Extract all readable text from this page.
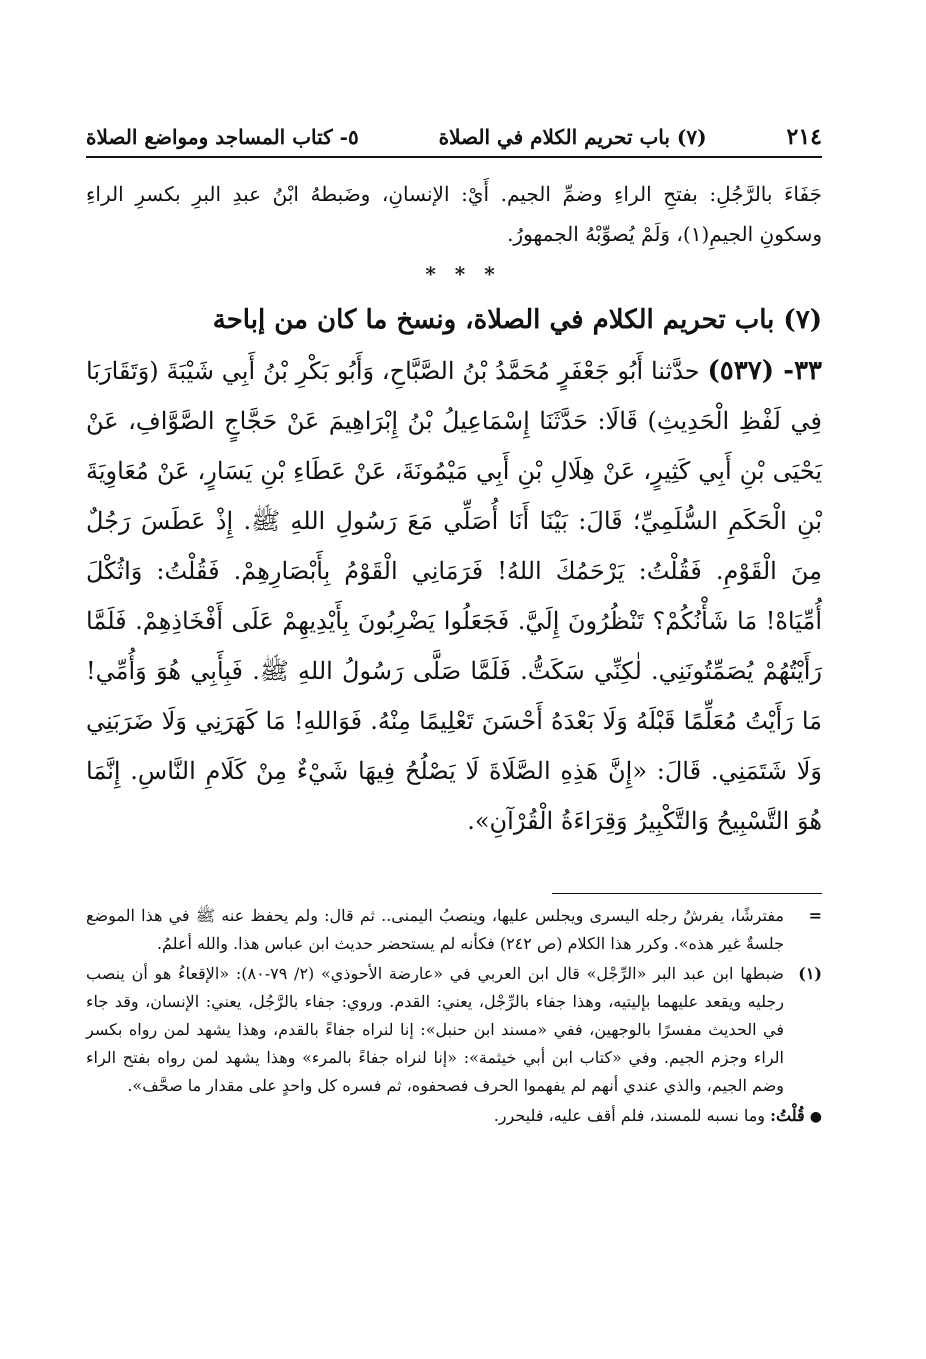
٢١٤
(٧) باب تحريم الكلام في الصلاة
٥- كتاب المساجد ومواضع الصلاة
جَفَاءَ بالرَّجُلِ: بفتحِ الراءِ وضمِّ الجيم. أَيْ: الإنسانِ، وضَبطهُ ابْنُ عبدِ البرِ بكسرِ الراءِ وسكونِ الجيمِ(١)، وَلَمْ يُصوِّبْهُ الجمهورُ.
* * *
(٧) باب تحريم الكلام في الصلاة، ونسخ ما كان من إباحة
٣٣- (٥٣٧) حدَّثنا أَبُو جَعْفَرٍ مُحَمَّدُ بْنُ الصَّبَّاحِ، وَأَبُو بَكْرِ بْنُ أَبِي شَيْبَةَ (وَتَقَارَبَا فِي لَفْظِ الْحَدِيثِ) قَالَا: حَدَّثَنَا إِسْمَاعِيلُ بْنُ إِبْرَاهِيمَ عَنْ حَجَّاجٍ الصَّوَّافِ، عَنْ يَحْيَى بْنِ أَبِي كَثِيرٍ، عَنْ هِلَالِ بْنِ أَبِي مَيْمُونَةَ، عَنْ عَطَاءِ بْنِ يَسَارٍ، عَنْ مُعَاوِيَةَ بْنِ الْحَكَمِ السُّلَمِيِّ؛ قَالَ: بَيْنَا أَنَا أُصَلِّي مَعَ رَسُولِ اللهِ ﷺ. إِذْ عَطَسَ رَجُلٌ مِنَ الْقَوْمِ. فَقُلْتُ: يَرْحَمُكَ اللهُ! فَرَمَانِي الْقَوْمُ بِأَبْصَارِهِمْ. فَقُلْتُ: وَاثُكْلَ أُمِّيَاهْ! مَا شَأْنُكُمْ؟ تَنْظُرُونَ إِلَيَّ. فَجَعَلُوا يَضْرِبُونَ بِأَيْدِيهِمْ عَلَى أَفْخَاذِهِمْ. فَلَمَّا رَأَيْتُهُمْ يُصَمِّتُونَنِي. لٰكِنِّي سَكَتُّ. فَلَمَّا صَلَّى رَسُولُ اللهِ ﷺ. فَبِأَبِي هُوَ وَأُمِّي! مَا رَأَيْتُ مُعَلِّمًا قَبْلَهُ وَلَا بَعْدَهُ أَحْسَنَ تَعْلِيمًا مِنْهُ. فَوَاللهِ! مَا كَهَرَنِي وَلَا ضَرَبَنِي وَلَا شَتَمَنِي. قَالَ: «إِنَّ هَذِهِ الصَّلَاةَ لَا يَصْلُحُ فِيهَا شَيْءٌ مِنْ كَلَامِ النَّاسِ. إِنَّمَا هُوَ التَّسْبِيحُ وَالتَّكْبِيرُ وَقِرَاءَةُ الْقُرْآنِ».
=
مفترشًا، يفرشُ رجله اليسرى ويجلس عليها، وينصبُ اليمنى.. ثم قال: ولم يحفظ عنه ﷺ في هذا الموضع جلسةٌ غير هذه». وكرر هذا الكلام (ص ٢٤٢) فكأنه لم يستحضر حديث ابن عباس هذا. والله أعلمُ.
(١)
ضبطها ابن عبد البر «الرِّجْل» قال ابن العربي في «عارضة الأحوذي» (٢/ ٧٩-٨٠): «الإقعاءُ هو أن ينصب رجليه ويقعد عليهما بإليتيه، وهذا جفاء بالرِّجْل، يعني: القدم. وروي: جفاء بالرَّجُل، يعني: الإنسان، وقد جاء في الحديث مفسرًا بالوجهين، ففي «مسند ابن حنبل»: إنا لنراه جفاءً بالقدم، وهذا يشهد لمن رواه بكسر الراء وجزم الجيم. وفي «كتاب ابن أبي خيثمة»: «إنا لنراه جفاءً بالمرء» وهذا يشهد لمن رواه بفتح الراء وضم الجيم، والذي عندي أنهم لم يفهموا الحرف فصحفوه، ثم فسره كل واحدٍ على مقدار ما صحَّف».
● قُلْتُ: وما نسبه للمسند، فلم أقف عليه، فليحرر.
